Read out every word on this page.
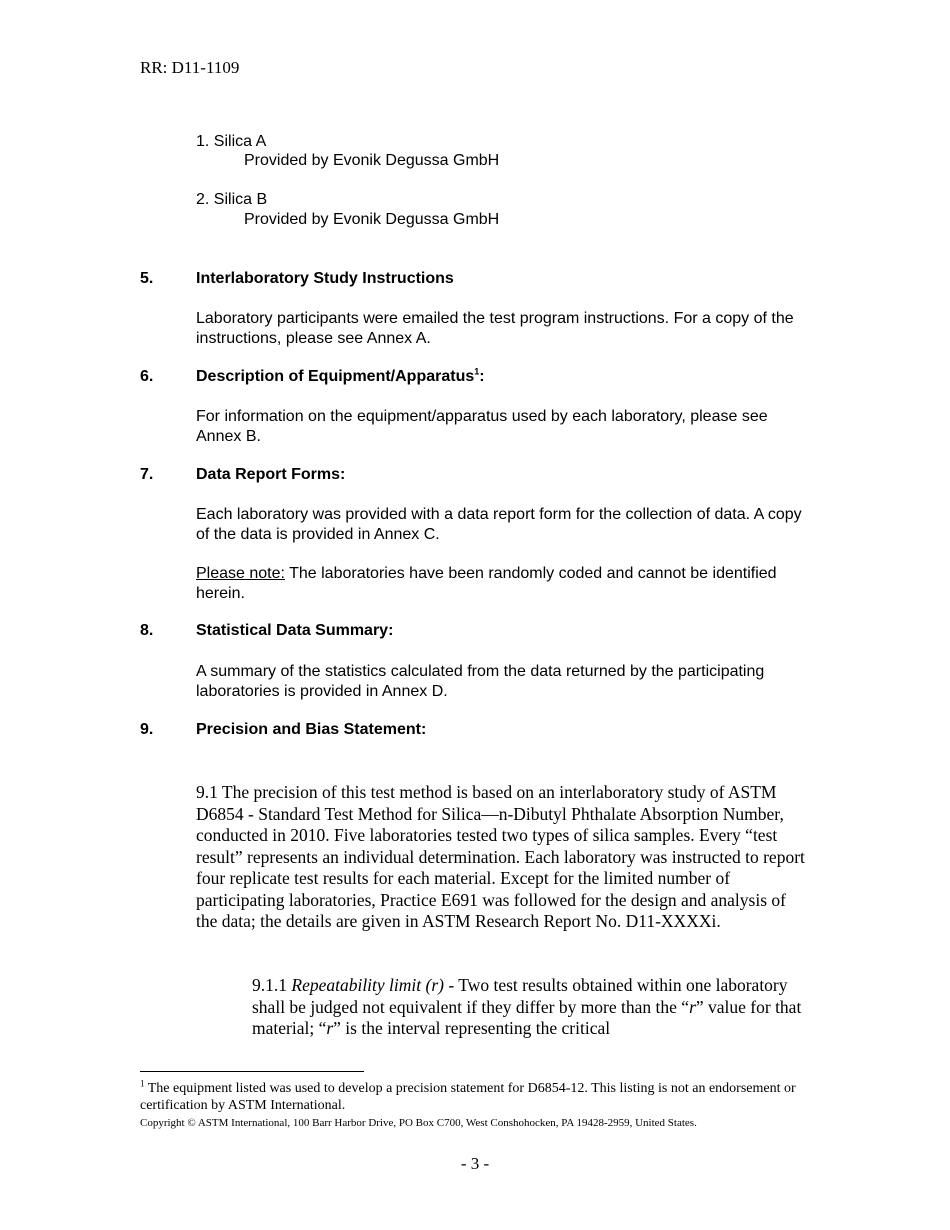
RR: D11-1109
1. Silica A
Provided by Evonik Degussa GmbH
2. Silica B
Provided by Evonik Degussa GmbH
5.	Interlaboratory Study Instructions
Laboratory participants were emailed the test program instructions. For a copy of the instructions, please see Annex A.
6.	Description of Equipment/Apparatus$^1$:
For information on the equipment/apparatus used by each laboratory, please see Annex B.
7.	Data Report Forms:
Each laboratory was provided with a data report form for the collection of data. A copy of the data is provided in Annex C.
Please note: The laboratories have been randomly coded and cannot be identified herein.
8.	Statistical Data Summary:
A summary of the statistics calculated from the data returned by the participating laboratories is provided in Annex D.
9.	Precision and Bias Statement:
9.1 The precision of this test method is based on an interlaboratory study of ASTM D6854 - Standard Test Method for Silica—n-Dibutyl Phthalate Absorption Number, conducted in 2010. Five laboratories tested two types of silica samples. Every “test result” represents an individual determination. Each laboratory was instructed to report four replicate test results for each material. Except for the limited number of participating laboratories, Practice E691 was followed for the design and analysis of the data; the details are given in ASTM Research Report No. D11-XXXXi.
9.1.1 Repeatability limit (r) - Two test results obtained within one laboratory shall be judged not equivalent if they differ by more than the “r” value for that material; “r” is the interval representing the critical
$^1$ The equipment listed was used to develop a precision statement for D6854-12. This listing is not an endorsement or certification by ASTM International.
Copyright © ASTM International, 100 Barr Harbor Drive, PO Box C700, West Conshohocken, PA 19428-2959, United States.
- 3 -
